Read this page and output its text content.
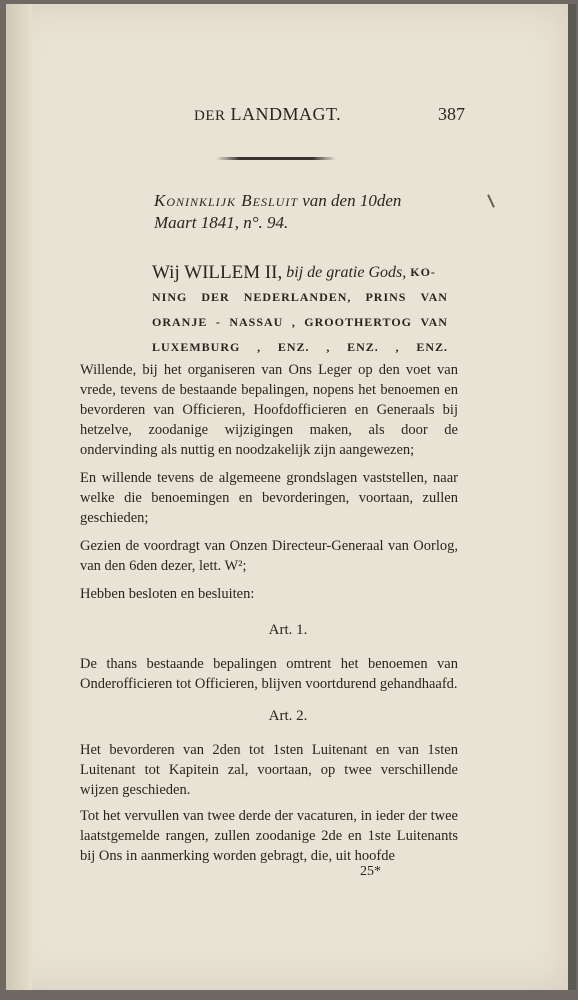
DER LANDMAGT.	387
Koninklijk Besluit van den 10den
Maart 1841, n°. 94.
Wij WILLEM II, bij de gratie Gods, KO-
NING DER NEDERLANDEN, PRINS VAN
ORANJE - NASSAU , GROOTHERTOG VAN
LUXEMBURG , ENZ. , ENZ. , ENZ.
Willende, bij het organiseren van Ons Leger op den voet van vrede, tevens de bestaande bepalingen, nopens het benoemen en bevorderen van Officieren, Hoofdofficieren en Generaals bij hetzelve, zoodanige wijzigingen maken, als door de ondervinding als nuttig en noodzakelijk zijn aangewezen;
En willende tevens de algemeene grondslagen vaststellen, naar welke die benoemingen en bevorderingen, voortaan, zullen geschieden;
Gezien de voordragt van Onzen Directeur-Generaal van Oorlog, van den 6den dezer, lett. W²;
Hebben besloten en besluiten:
Art. 1.
De thans bestaande bepalingen omtrent het benoemen van Onderofficieren tot Officieren, blijven voortdurend gehandhaafd.
Art. 2.
Het bevorderen van 2den tot 1sten Luitenant en van 1sten Luitenant tot Kapitein zal, voortaan, op twee verschillende wijzen geschieden.
Tot het vervullen van twee derde der vacaturen, in ieder der twee laatstgemelde rangen, zullen zoodanige 2de en 1ste Luitenants bij Ons in aanmerking worden gebragt, die, uit hoofde
25*
